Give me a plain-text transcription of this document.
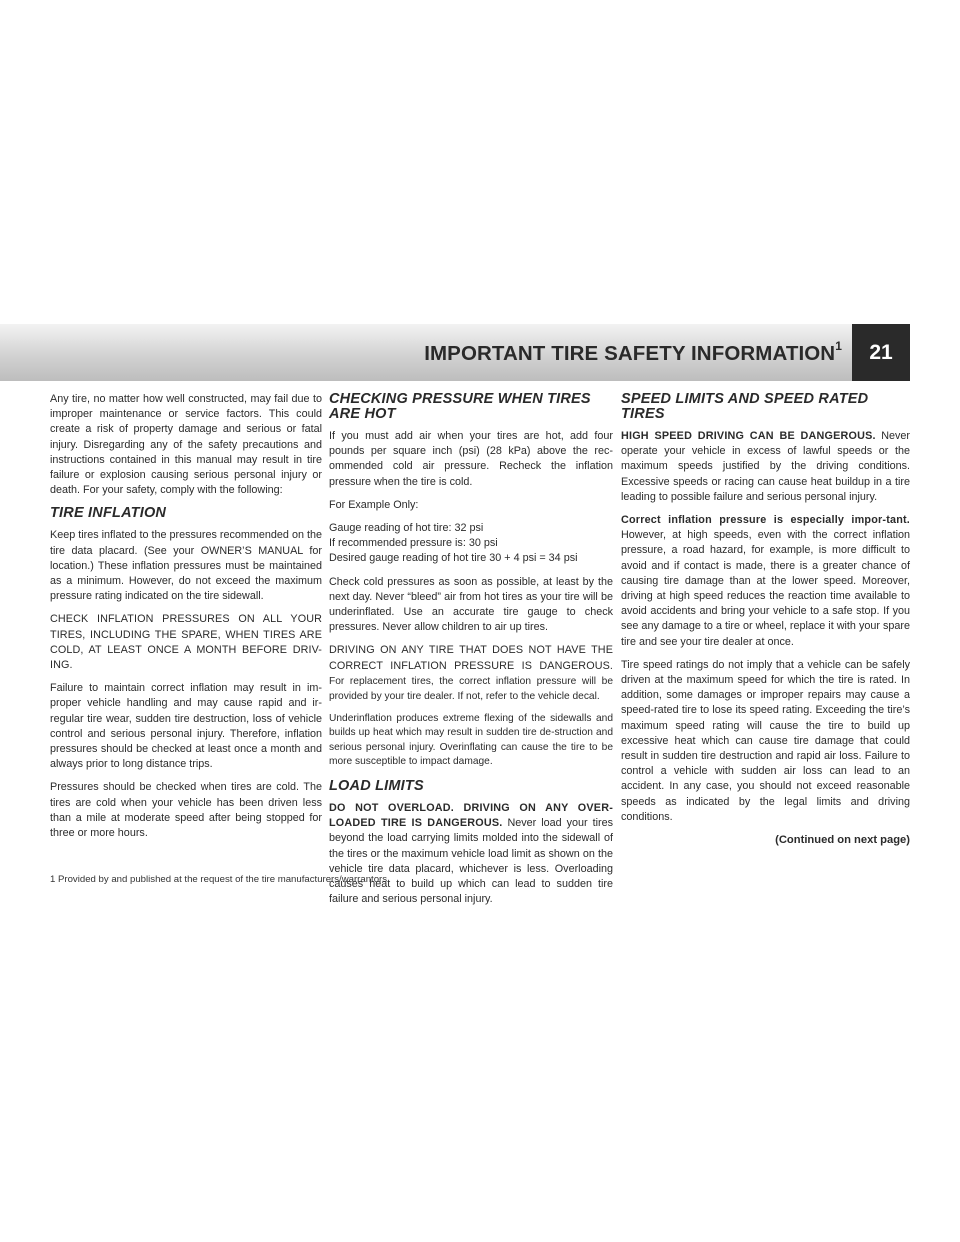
IMPORTANT TIRE SAFETY INFORMATION$^1$ 21

Any tire, no matter how well constructed, may fail due to improper maintenance or service factors. This could create a risk of property damage and serious or fatal injury. Disregarding any of the safety precautions and instructions contained in this manual may result in tire failure or explosion causing serious personal injury or death. For your safety, comply with the following:

TIRE INFLATION

Keep tires inflated to the pressures recommended on the tire data placard. (See your OWNER’S MANUAL for location.) These inflation pressures must be maintained as a minimum. However, do not exceed the maximum pressure rating indicated on the tire sidewall.

CHECK INFLATION PRESSURES ON ALL YOUR TIRES, INCLUDING THE SPARE, WHEN TIRES ARE COLD, AT LEAST ONCE A MONTH BEFORE DRIV-ING.

Failure to maintain correct inflation may result in im-proper vehicle handling and may cause rapid and ir-regular tire wear, sudden tire destruction, loss of vehicle control and serious personal injury. Therefore, inflation pressures should be checked at least once a month and always prior to long distance trips.

Pressures should be checked when tires are cold. The tires are cold when your vehicle has been driven less than a mile at moderate speed after being stopped for three or more hours.

CHECKING PRESSURE WHEN TIRES ARE HOT

If you must add air when your tires are hot, add four pounds per square inch (psi) (28 kPa) above the rec-ommended cold air pressure. Recheck the inflation pressure when the tire is cold.

For Example Only:

Gauge reading of hot tire: 32 psi
If recommended pressure is: 30 psi
Desired gauge reading of hot tire 30 + 4 psi = 34 psi

Check cold pressures as soon as possible, at least by the next day. Never “bleed” air from hot tires as your tire will be underinflated. Use an accurate tire gauge to check pressures. Never allow children to air up tires.

DRIVING ON ANY TIRE THAT DOES NOT HAVE THE CORRECT INFLATION PRESSURE IS DANGEROUS. For replacement tires, the correct inflation pressure will be provided by your tire dealer. If not, refer to the vehicle decal.

Underinflation produces extreme flexing of the sidewalls and builds up heat which may result in sudden tire de-struction and serious personal injury. Overinflating can cause the tire to be more susceptible to impact damage.

LOAD LIMITS

DO NOT OVERLOAD. DRIVING ON ANY OVER-LOADED TIRE IS DANGEROUS. Never load your tires beyond the load carrying limits molded into the sidewall of the tires or the maximum vehicle load limit as shown on the vehicle tire data placard, whichever is less. Overloading causes heat to build up which can lead to sudden tire failure and serious personal injury.

SPEED LIMITS AND SPEED RATED TIRES

HIGH SPEED DRIVING CAN BE DANGEROUS. Never operate your vehicle in excess of lawful speeds or the maximum speeds justified by the driving conditions. Excessive speeds or racing can cause heat buildup in a tire leading to possible failure and serious personal injury.

Correct inflation pressure is especially impor-tant. However, at high speeds, even with the correct inflation pressure, a road hazard, for example, is more difficult to avoid and if contact is made, there is a greater chance of causing tire damage than at the lower speed. Moreover, driving at high speed reduces the reaction time available to avoid accidents and bring your vehicle to a safe stop. If you see any damage to a tire or wheel, replace it with your spare tire and see your tire dealer at once.

Tire speed ratings do not imply that a vehicle can be safely driven at the maximum speed for which the tire is rated. In addition, some damages or improper repairs may cause a speed-rated tire to lose its speed rating. Exceeding the tire’s maximum speed rating will cause the tire to build up excessive heat which can cause tire damage that could result in sudden tire destruction and rapid air loss. Failure to control a vehicle with sudden air loss can lead to an accident. In any case, you should not exceed reasonable speeds as indicated by the legal limits and driving conditions.

(Continued on next page)

1 Provided by and published at the request of the tire manufacturers/warrantors.
